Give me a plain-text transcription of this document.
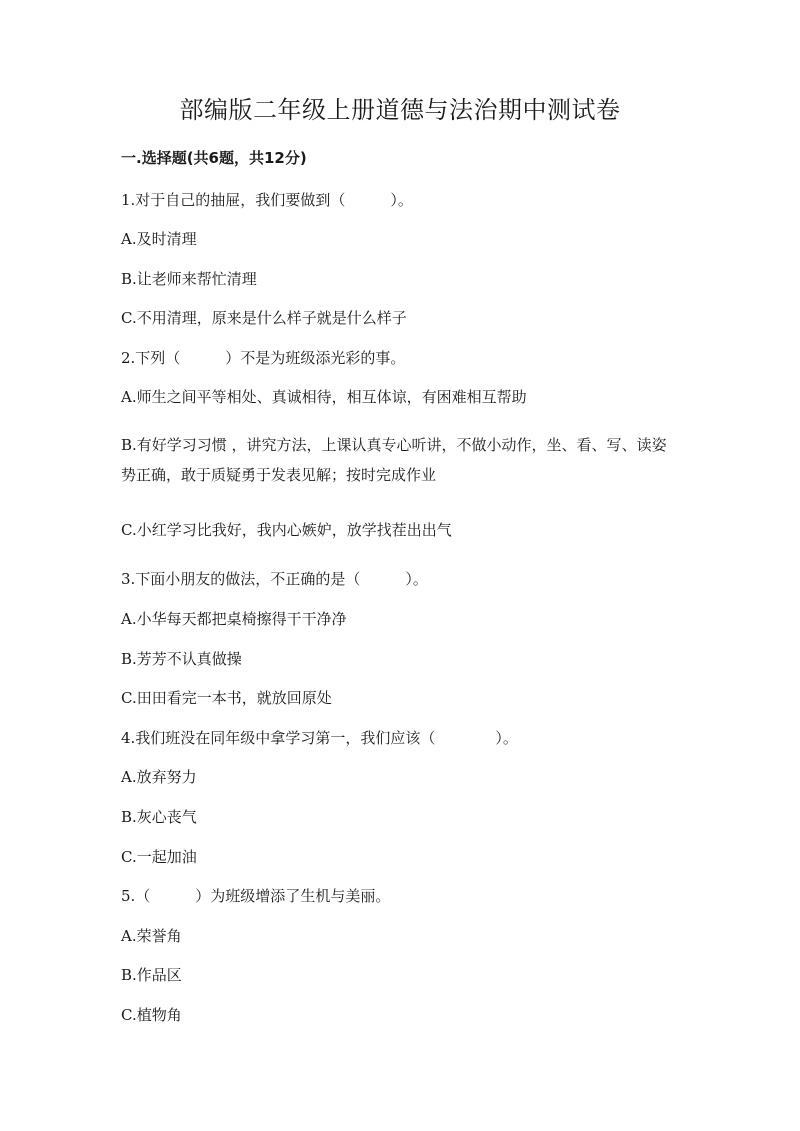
部编版二年级上册道德与法治期中测试卷
一.选择题(共6题，共12分)
1.对于自己的抽屉，我们要做到（　　　）。
A.及时清理
B.让老师来帮忙清理
C.不用清理，原来是什么样子就是什么样子
2.下列（　　　）不是为班级添光彩的事。
A.师生之间平等相处、真诚相待，相互体谅，有困难相互帮助
B.有好学习习惯 ，讲究方法，上课认真专心听讲，不做小动作，坐、看、写、读姿势正确，敢于质疑勇于发表见解；按时完成作业
C.小红学习比我好，我内心嫉妒，放学找茬出出气
3.下面小朋友的做法，不正确的是（　　　）。
A.小华每天都把桌椅擦得干干净净
B.芳芳不认真做操
C.田田看完一本书，就放回原处
4.我们班没在同年级中拿学习第一，我们应该（　　　　）。
A.放弃努力
B.灰心丧气
C.一起加油
5.（　　　）为班级增添了生机与美丽。
A.荣誉角
B.作品区
C.植物角
